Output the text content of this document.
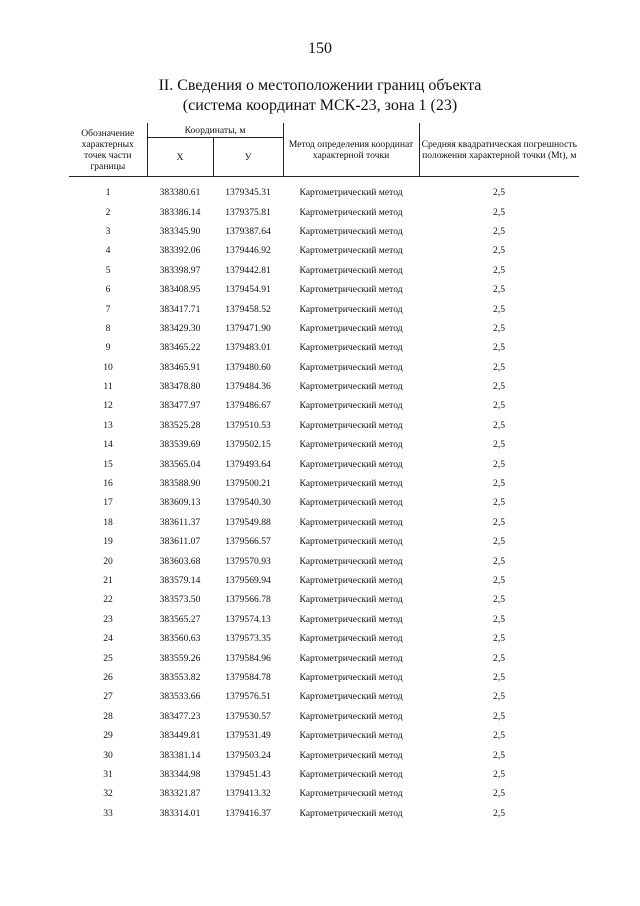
150
II. Сведения о местоположении границ объекта
(система координат МСК-23, зона 1 (23)
Обозначение характерных точек части границы	Координаты, м		Метод определения координат характерной точки	Средняя квадратическая погрешность положения характерной точки (Mt), м
	Х	У		
1	383380.61	1379345.31	Картометрический метод	2,5
2	383386.14	1379375.81	Картометрический метод	2,5
3	383345.90	1379387.64	Картометрический метод	2,5
4	383392.06	1379446.92	Картометрический метод	2,5
5	383398.97	1379442.81	Картометрический метод	2,5
6	383408.95	1379454.91	Картометрический метод	2,5
7	383417.71	1379458.52	Картометрический метод	2,5
8	383429.30	1379471.90	Картометрический метод	2,5
9	383465.22	1379483.01	Картометрический метод	2,5
10	383465.91	1379480.60	Картометрический метод	2,5
11	383478.80	1379484.36	Картометрический метод	2,5
12	383477.97	1379486.67	Картометрический метод	2,5
13	383525.28	1379510.53	Картометрический метод	2,5
14	383539.69	1379502.15	Картометрический метод	2,5
15	383565.04	1379493.64	Картометрический метод	2,5
16	383588.90	1379500.21	Картометрический метод	2,5
17	383609.13	1379540.30	Картометрический метод	2,5
18	383611.37	1379549.88	Картометрический метод	2,5
19	383611.07	1379566.57	Картометрический метод	2,5
20	383603.68	1379570.93	Картометрический метод	2,5
21	383579.14	1379569.94	Картометрический метод	2,5
22	383573.50	1379566.78	Картометрический метод	2,5
23	383565.27	1379574.13	Картометрический метод	2,5
24	383560.63	1379573.35	Картометрический метод	2,5
25	383559.26	1379584.96	Картометрический метод	2,5
26	383553.82	1379584.78	Картометрический метод	2,5
27	383533.66	1379576.51	Картометрический метод	2,5
28	383477.23	1379530.57	Картометрический метод	2,5
29	383449.81	1379531.49	Картометрический метод	2,5
30	383381.14	1379503.24	Картометрический метод	2,5
31	383344.98	1379451.43	Картометрический метод	2,5
32	383321.87	1379413.32	Картометрический метод	2,5
33	383314.01	1379416.37	Картометрический метод	2,5
